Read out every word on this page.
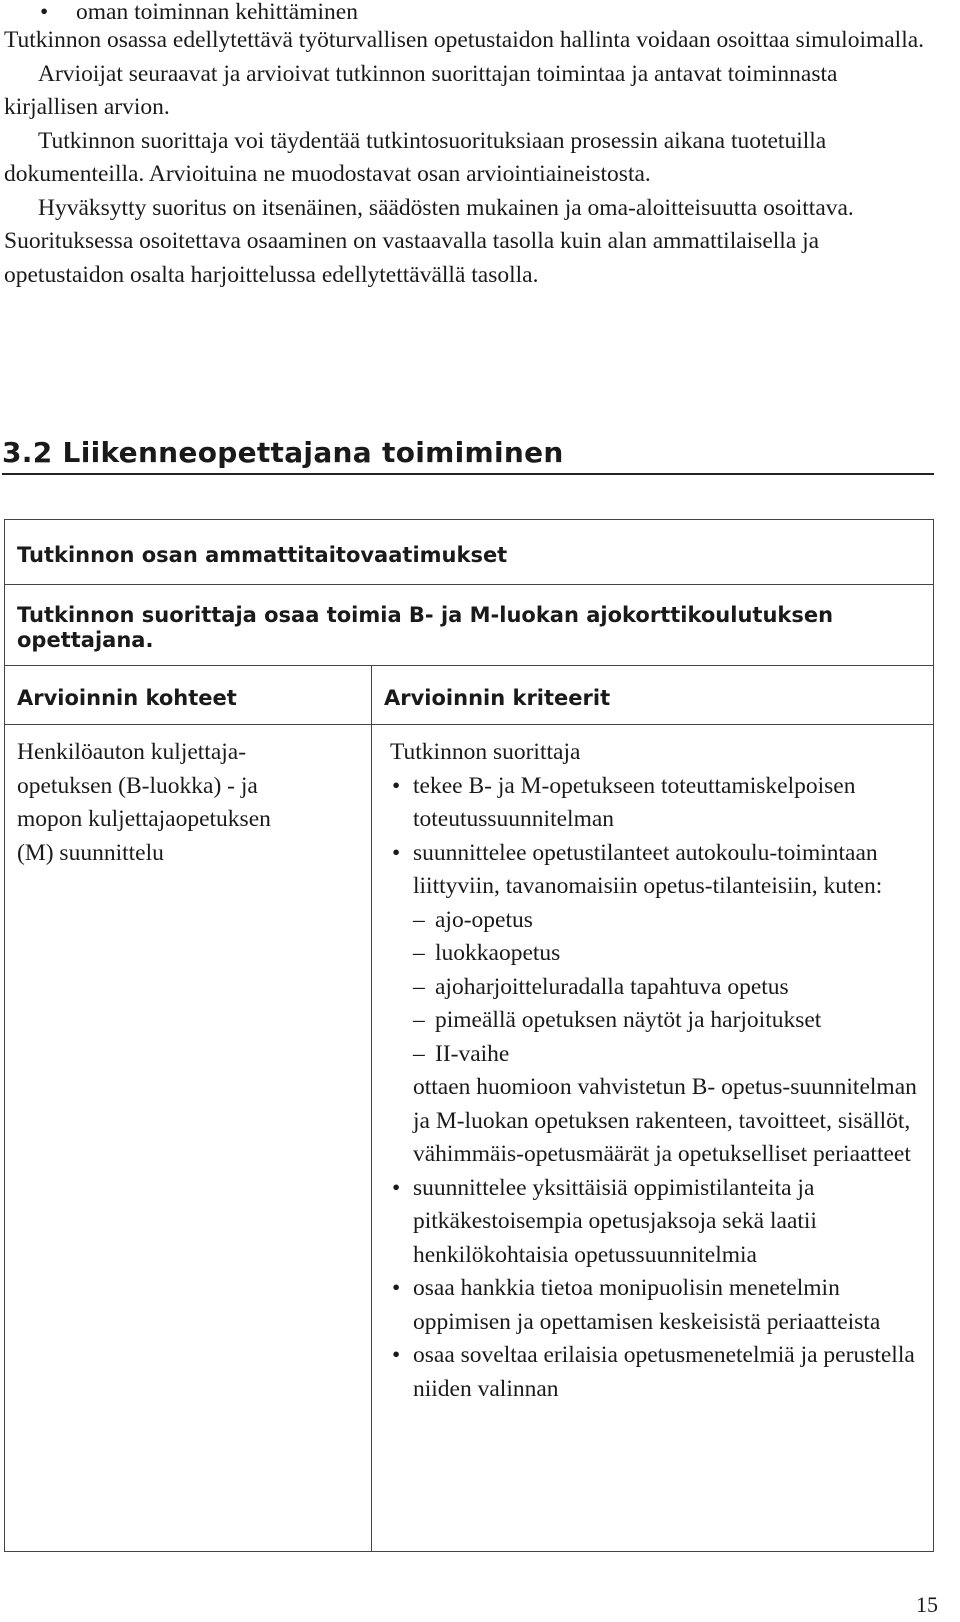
• oman toiminnan kehittäminen

Tutkinnon osassa edellytettävä työturvallisen opetustaidon hallinta voidaan osoittaa simuloimalla.

Arvioijat seuraavat ja arvioivat tutkinnon suorittajan toimintaa ja antavat toiminnasta kirjallisen arvion.

Tutkinnon suorittaja voi täydentää tutkintosuorituksiaan prosessin aikana tuotetuilla dokumenteilla. Arvioituina ne muodostavat osan arviointiaineistosta.

Hyväksytty suoritus on itsenäinen, säädösten mukainen ja oma-aloitteisuutta osoittava. Suorituksessa osoitettava osaaminen on vastaavalla tasolla kuin alan ammattilaisella ja opetustaidon osalta harjoittelussa edellytettävällä tasolla.

3.2 Liikenneopettajana toimiminen
Tutkinnon osan ammattitaitovaatimukset
Tutkinnon suorittaja osaa toimia B- ja M-luokan ajokorttikoulutuksen opettajana.
Arvioinnin kohteet	Arvioinnin kriteerit

Henkilöauton kuljettaja-
opetuksen (B-luokka) - ja
mopon kuljettajaopetuksen
(M) suunnittelu

Tutkinnon suorittaja

• tekee B- ja M-opetukseen toteuttamiskelpoisen toteutussuunnitelman
• suunnittelee opetustilanteet autokoulu-toimintaan liittyviin, tavanomaisiin opetus-tilanteisiin, kuten:
– ajo-opetus
– luokkaopetus
– ajoharjoitteluradalla tapahtuva opetus
– pimeällä opetuksen näytöt ja harjoitukset
– II-vaihe
ottaen huomioon vahvistetun B- opetus-suunnitelman ja M-luokan opetuksen rakenteen, tavoitteet, sisällöt, vähimmäis-opetusmäärät ja opetukselliset periaatteet
• suunnittelee yksittäisiä oppimistilanteita ja pitkäkestoisempia opetusjaksoja sekä laatii henkilökohtaisia opetussuunnitelmia
• osaa hankkia tietoa monipuolisin menetelmin oppimisen ja opettamisen keskeisistä periaatteista
• osaa soveltaa erilaisia opetusmenetelmiä ja perustella niiden valinnan
15
